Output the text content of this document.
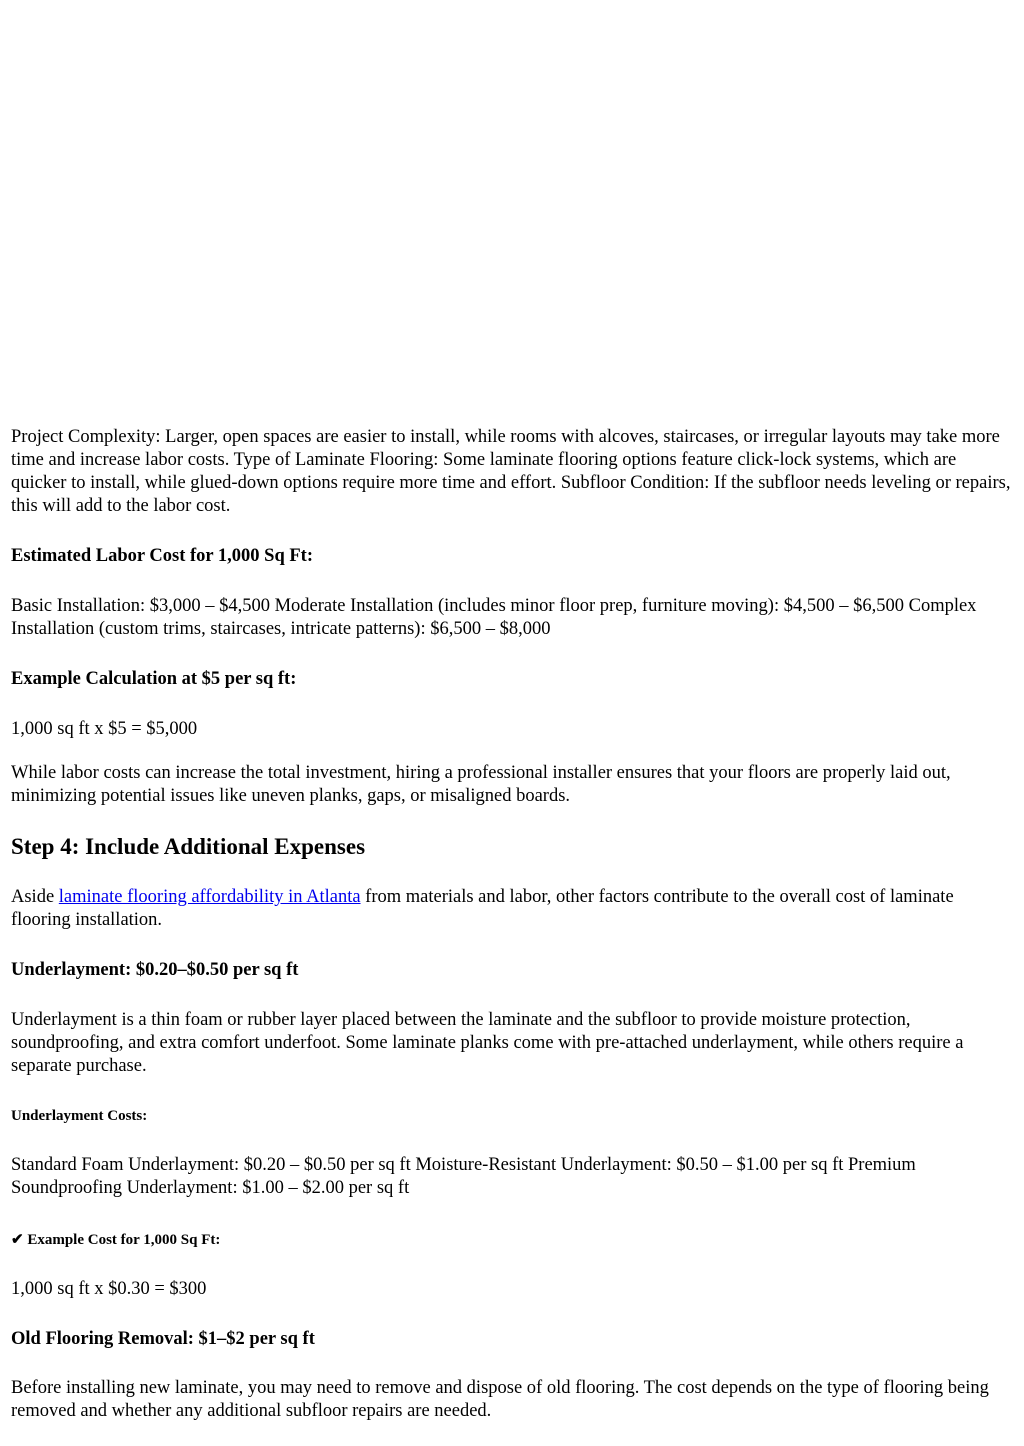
Project Complexity: Larger, open spaces are easier to install, while rooms with alcoves, staircases, or irregular layouts may take more time and increase labor costs. Type of Laminate Flooring: Some laminate flooring options feature click-lock systems, which are quicker to install, while glued-down options require more time and effort. Subfloor Condition: If the subfloor needs leveling or repairs, this will add to the labor cost.

Estimated Labor Cost for 1,000 Sq Ft:

Basic Installation: $3,000 – $4,500 Moderate Installation (includes minor floor prep, furniture moving): $4,500 – $6,500 Complex Installation (custom trims, staircases, intricate patterns): $6,500 – $8,000

Example Calculation at $5 per sq ft:

1,000 sq ft x $5 = $5,000

While labor costs can increase the total investment, hiring a professional installer ensures that your floors are properly laid out, minimizing potential issues like uneven planks, gaps, or misaligned boards.

Step 4: Include Additional Expenses

Aside laminate flooring affordability in Atlanta from materials and labor, other factors contribute to the overall cost of laminate flooring installation.

Underlayment: $0.20–$0.50 per sq ft

Underlayment is a thin foam or rubber layer placed between the laminate and the subfloor to provide moisture protection, soundproofing, and extra comfort underfoot. Some laminate planks come with pre-attached underlayment, while others require a separate purchase.

Underlayment Costs:

Standard Foam Underlayment: $0.20 – $0.50 per sq ft Moisture-Resistant Underlayment: $0.50 – $1.00 per sq ft Premium Soundproofing Underlayment: $1.00 – $2.00 per sq ft

✔ Example Cost for 1,000 Sq Ft:

1,000 sq ft x $0.30 = $300

Old Flooring Removal: $1–$2 per sq ft

Before installing new laminate, you may need to remove and dispose of old flooring. The cost depends on the type of flooring being removed and whether any additional subfloor repairs are needed.
